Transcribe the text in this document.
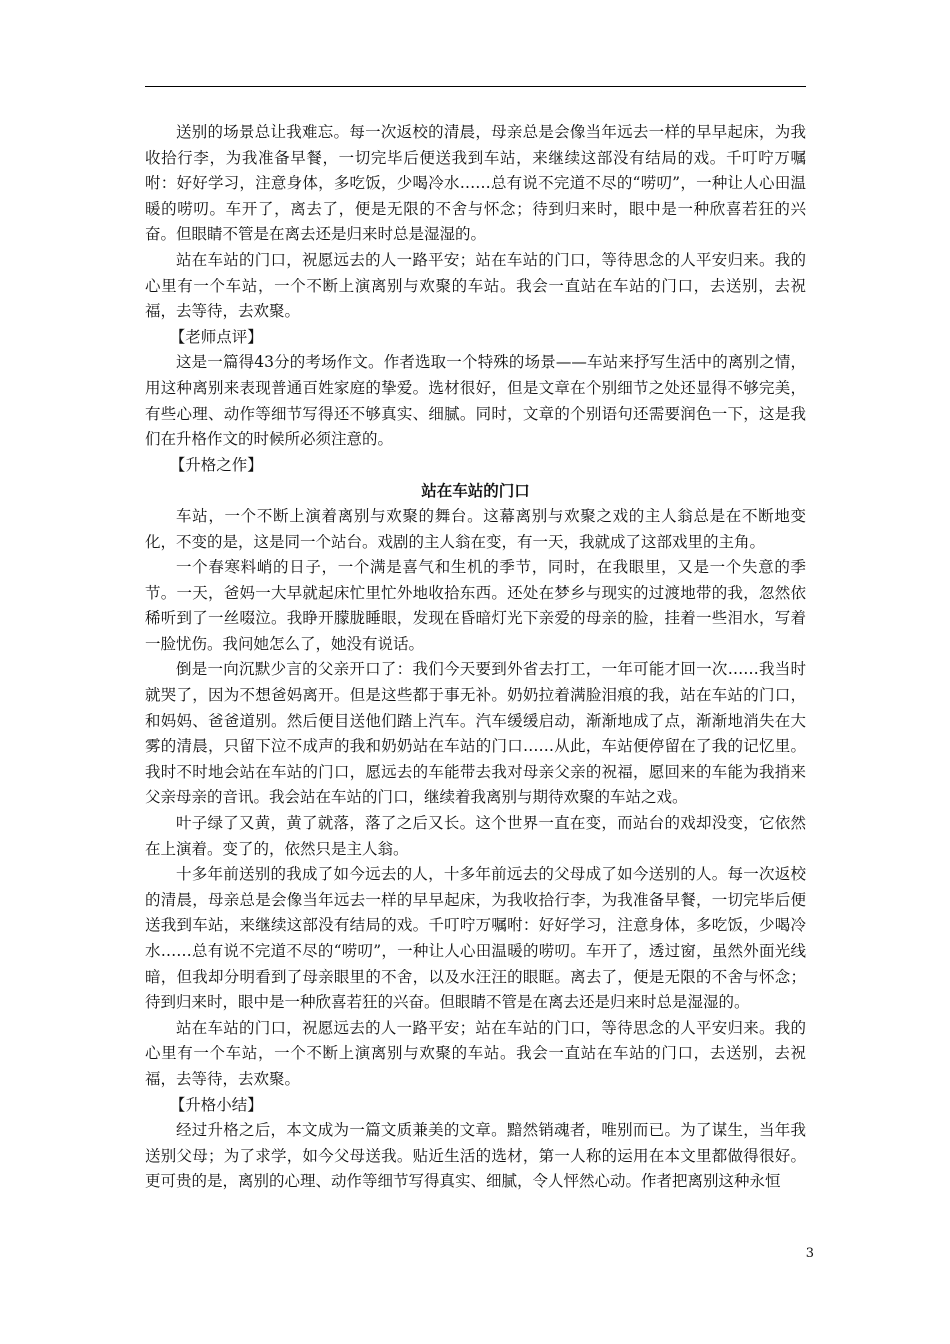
送别的场景总让我难忘。每一次返校的清晨，母亲总是会像当年远去一样的早早起床，为我收拾行李，为我准备早餐，一切完毕后便送我到车站，来继续这部没有结局的戏。千叮咛万嘱咐：好好学习，注意身体，多吃饭，少喝冷水……总有说不完道不尽的“唠叨”，一种让人心田温暖的唠叨。车开了，离去了，便是无限的不舍与怀念；待到归来时，眼中是一种欣喜若狂的兴奋。但眼睛不管是在离去还是归来时总是湿湿的。

站在车站的门口，祝愿远去的人一路平安；站在车站的门口，等待思念的人平安归来。我的心里有一个车站，一个不断上演离别与欢聚的车站。我会一直站在车站的门口，去送别，去祝福，去等待，去欢聚。

【老师点评】

这是一篇得43分的考场作文。作者选取一个特殊的场景——车站来抒写生活中的离别之情，用这种离别来表现普通百姓家庭的挚爱。选材很好，但是文章在个别细节之处还显得不够完美，有些心理、动作等细节写得还不够真实、细腻。同时，文章的个别语句还需要润色一下，这是我们在升格作文的时候所必须注意的。

【升格之作】

站在车站的门口

车站，一个不断上演着离别与欢聚的舞台。这幕离别与欢聚之戏的主人翁总是在不断地变化，不变的是，这是同一个站台。戏剧的主人翁在变，有一天，我就成了这部戏里的主角。

一个春寒料峭的日子，一个满是喜气和生机的季节，同时，在我眼里，又是一个失意的季节。一天，爸妈一大早就起床忙里忙外地收拾东西。还处在梦乡与现实的过渡地带的我，忽然依稀听到了一丝啜泣。我睁开朦胧睡眼，发现在昏暗灯光下亲爱的母亲的脸，挂着一些泪水，写着一脸忧伤。我问她怎么了，她没有说话。

倒是一向沉默少言的父亲开口了：我们今天要到外省去打工，一年可能才回一次……我当时就哭了，因为不想爸妈离开。但是这些都于事无补。奶奶拉着满脸泪痕的我，站在车站的门口，和妈妈、爸爸道别。然后便目送他们踏上汽车。汽车缓缓启动，渐渐地成了点，渐渐地消失在大雾的清晨，只留下泣不成声的我和奶奶站在车站的门口……从此，车站便停留在了我的记忆里。我时不时地会站在车站的门口，愿远去的车能带去我对母亲父亲的祝福，愿回来的车能为我捎来父亲母亲的音讯。我会站在车站的门口，继续着我离别与期待欢聚的车站之戏。

叶子绿了又黄，黄了就落，落了之后又长。这个世界一直在变，而站台的戏却没变，它依然在上演着。变了的，依然只是主人翁。

十多年前送别的我成了如今远去的人，十多年前远去的父母成了如今送别的人。每一次返校的清晨，母亲总是会像当年远去一样的早早起床，为我收拾行李，为我准备早餐，一切完毕后便送我到车站，来继续这部没有结局的戏。千叮咛万嘱咐：好好学习，注意身体，多吃饭，少喝冷水……总有说不完道不尽的“唠叨”，一种让人心田温暖的唠叨。车开了，透过窗，虽然外面光线暗，但我却分明看到了母亲眼里的不舍，以及水汪汪的眼眶。离去了，便是无限的不舍与怀念；待到归来时，眼中是一种欣喜若狂的兴奋。但眼睛不管是在离去还是归来时总是湿湿的。

站在车站的门口，祝愿远去的人一路平安；站在车站的门口，等待思念的人平安归来。我的心里有一个车站，一个不断上演离别与欢聚的车站。我会一直站在车站的门口，去送别，去祝福，去等待，去欢聚。

【升格小结】

经过升格之后，本文成为一篇文质兼美的文章。黯然销魂者，唯别而已。为了谋生，当年我送别父母；为了求学，如今父母送我。贴近生活的选材，第一人称的运用在本文里都做得很好。更可贵的是，离别的心理、动作等细节写得真实、细腻，令人怦然心动。作者把离别这种永恒

3
